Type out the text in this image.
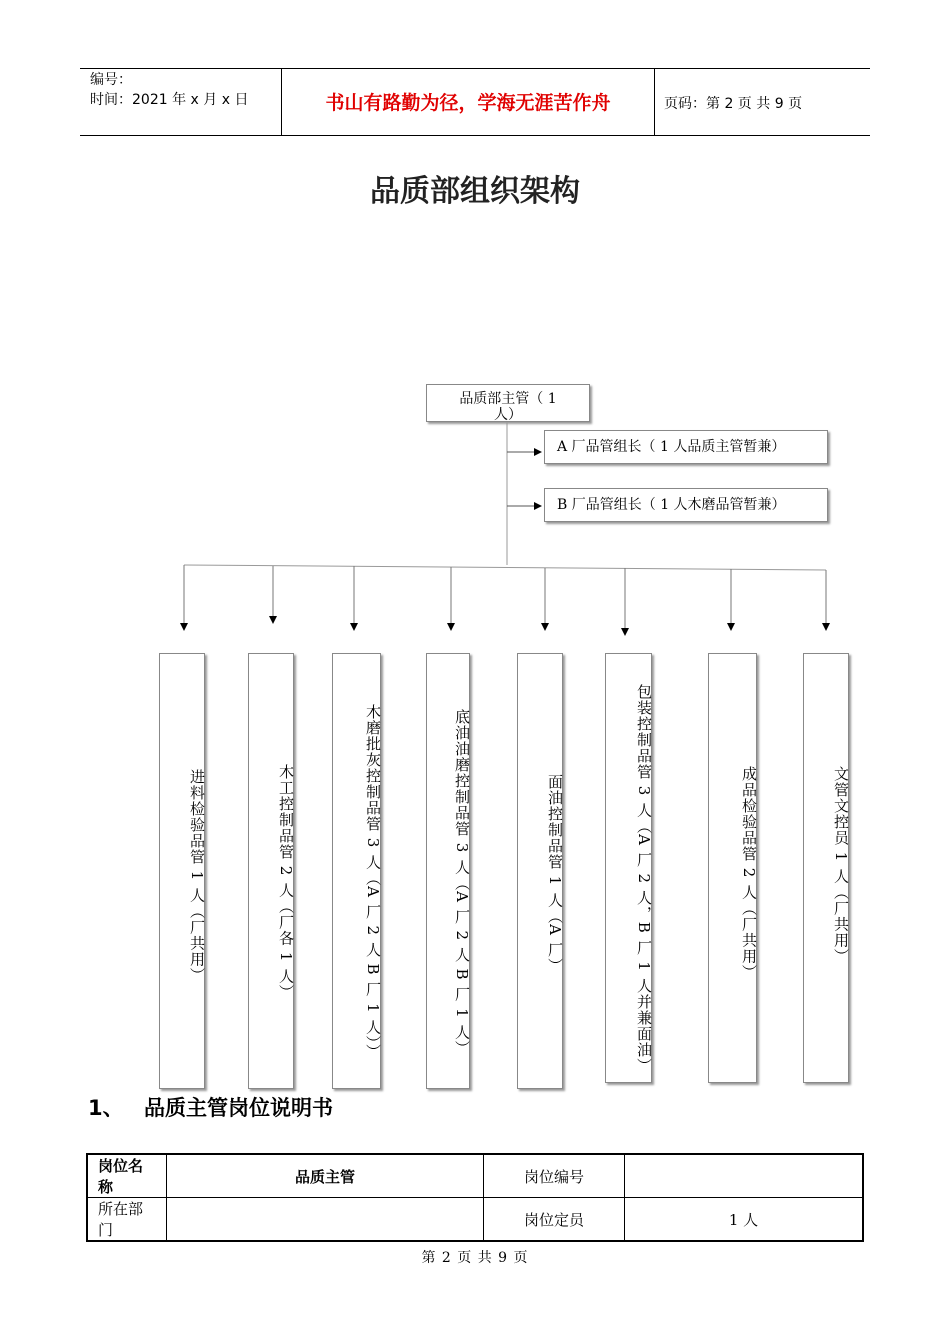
编号：
时间：2021 年 x 月 x 日	书山有路勤为径，学海无涯苦作舟	页码：第 2 页 共 9 页
品质部组织架构
品质部主管（ 1
人）
A 厂品管组长（ 1 人品质主管暂兼）
B 厂品管组长（ 1 人木磨品管暂兼）
进料检验品管 1 人（厂共用）	木工控制品管 2 人（厂各 1 人）	木磨批灰控制品管 3 人（A 厂 2 人 B 厂 1 人））	底油油磨控制品管 3 人（A 厂 2 人 B 厂 1 人）	面油控制品管 1 人（A 厂）	包装控制品管 3 人（A 厂 2 人，B 厂 1 人并兼面油）	成品检验品管 2 人（厂共用）	文管文控员 1 人（厂共用）
1、 品质主管岗位说明书
岗位名称	品质主管	岗位编号	
所在部门		岗位定员	1 人
第 2 页 共 9 页
